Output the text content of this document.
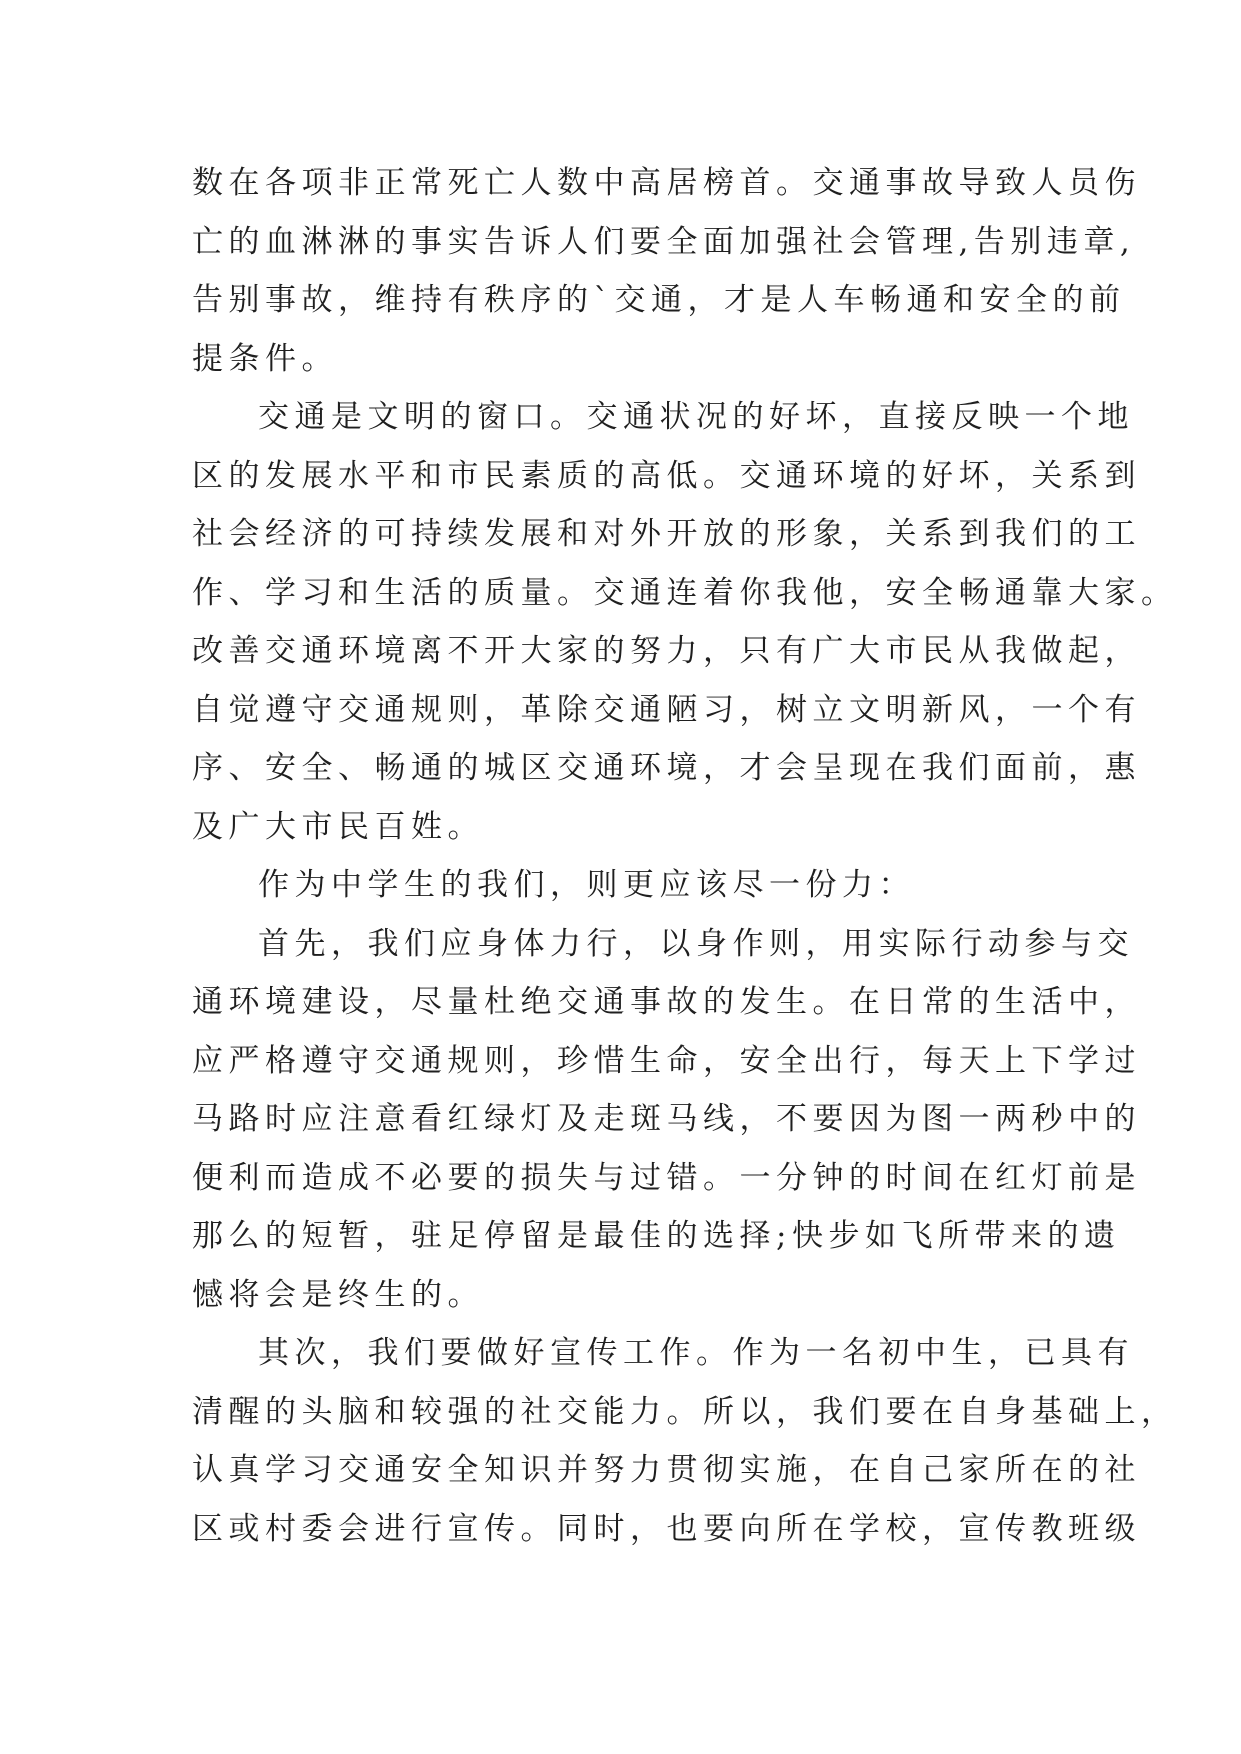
数在各项非正常死亡人数中高居榜首。交通事故导致人员伤
亡的血淋淋的事实告诉人们要全面加强社会管理,告别违章,
告别事故，维持有秩序的`交通，才是人车畅通和安全的前
提条件。
交通是文明的窗口。交通状况的好坏，直接反映一个地
区的发展水平和市民素质的高低。交通环境的好坏，关系到
社会经济的可持续发展和对外开放的形象，关系到我们的工
作、学习和生活的质量。交通连着你我他，安全畅通靠大家。
改善交通环境离不开大家的努力，只有广大市民从我做起，
自觉遵守交通规则，革除交通陋习，树立文明新风，一个有
序、安全、畅通的城区交通环境，才会呈现在我们面前，惠
及广大市民百姓。
作为中学生的我们，则更应该尽一份力：
首先，我们应身体力行，以身作则，用实际行动参与交
通环境建设，尽量杜绝交通事故的发生。在日常的生活中，
应严格遵守交通规则，珍惜生命，安全出行，每天上下学过
马路时应注意看红绿灯及走斑马线，不要因为图一两秒中的
便利而造成不必要的损失与过错。一分钟的时间在红灯前是
那么的短暂，驻足停留是最佳的选择;快步如飞所带来的遗
憾将会是终生的。
其次，我们要做好宣传工作。作为一名初中生，已具有
清醒的头脑和较强的社交能力。所以，我们要在自身基础上，
认真学习交通安全知识并努力贯彻实施，在自己家所在的社
区或村委会进行宣传。同时，也要向所在学校，宣传教班级
